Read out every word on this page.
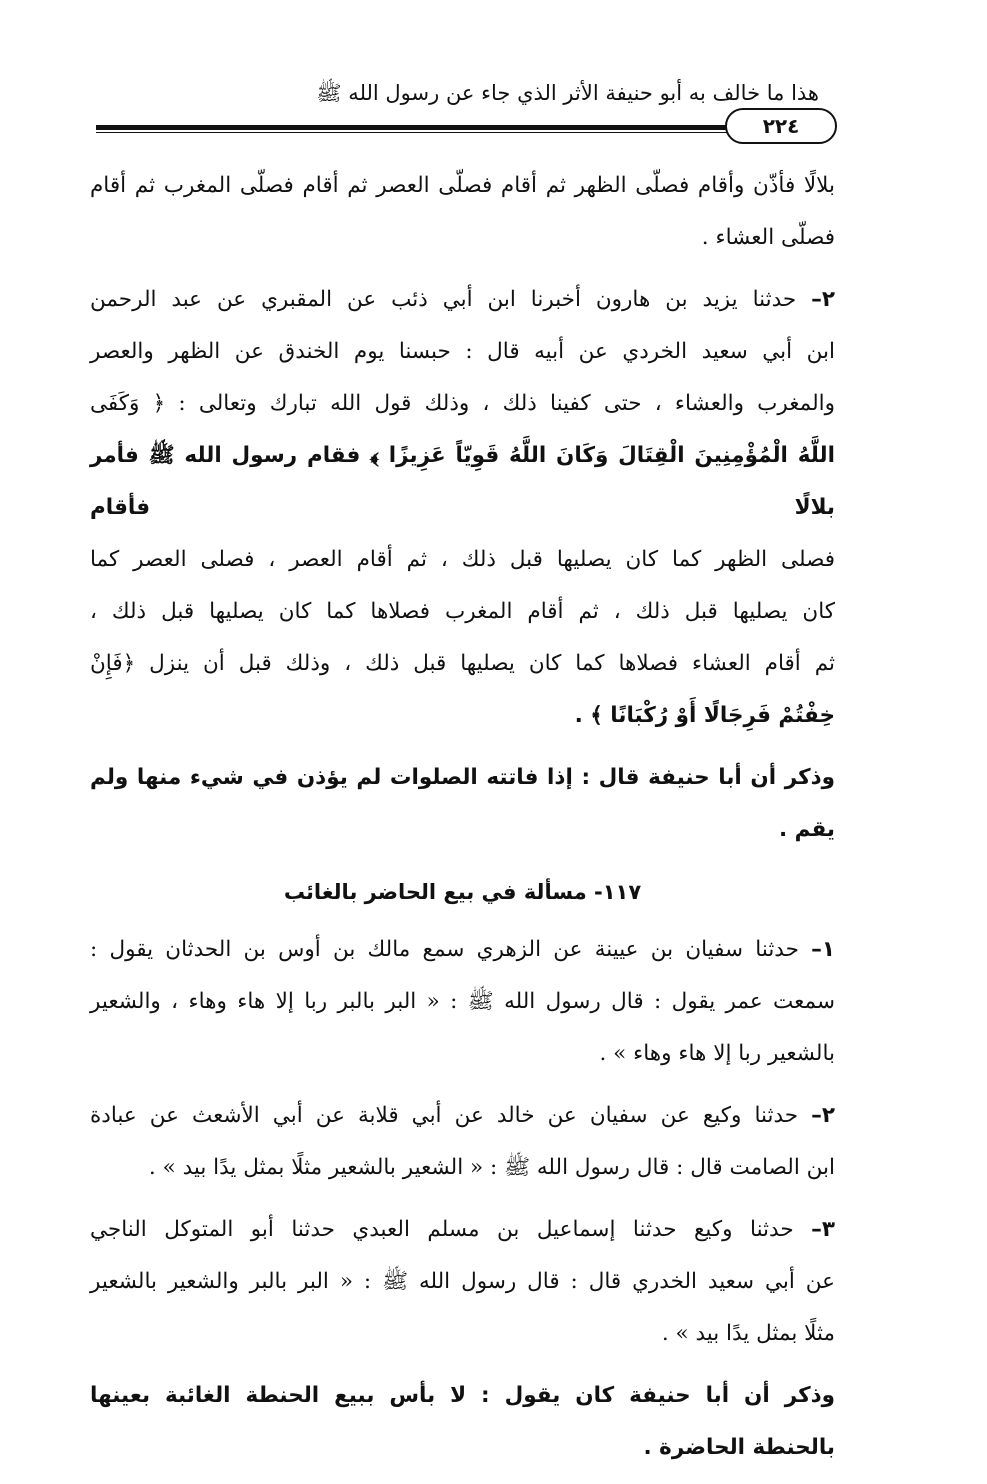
هذا ما خالف به أبو حنيفة الأثر الذي جاء عن رسول الله ﷺ
٢٢٤
بلالًا فأذّن وأقام فصلّى الظهر ثم أقام فصلّى العصر ثم أقام فصلّى المغرب ثم أقام
فصلّى العشاء .
٢– حدثنا يزيد بن هارون أخبرنا ابن أبي ذئب عن المقبري عن عبد الرحمن
ابن أبي سعيد الخردي عن أبيه قال : حبسنا يوم الخندق عن الظهر والعصر
والمغرب والعشاء ، حتى كفينا ذلك ، وذلك قول الله تبارك وتعالى : ﴿ وَكَفَى
اللَّهُ الْمُؤْمِنِينَ الْقِتَالَ وَكَانَ اللَّهُ قَوِيّاً عَزِيزًا ﴾ فقام رسول الله ﷺ فأمر بلالًا فأقام
فصلى الظهر كما كان يصليها قبل ذلك ، ثم أقام العصر ، فصلى العصر كما
كان يصليها قبل ذلك ، ثم أقام المغرب فصلاها كما كان يصليها قبل ذلك ،
ثم أقام العشاء فصلاها كما كان يصليها قبل ذلك ، وذلك قبل أن ينزل ﴿فَإِنْ
خِفْتُمْ فَرِجَالًا أَوْ رُكْبَانًا ﴾ .
وذكر أن أبا حنيفة قال : إذا فاتته الصلوات لم يؤذن في شيء منها ولم يقم .
١١٧- مسألة في بيع الحاضر بالغائب
١– حدثنا سفيان بن عيينة عن الزهري سمع مالك بن أوس بن الحدثان يقول :
سمعت عمر يقول : قال رسول الله ﷺ : « البر بالبر ربا إلا هاء وهاء ، والشعير
بالشعير ربا إلا هاء وهاء » .
٢– حدثنا وكيع عن سفيان عن خالد عن أبي قلابة عن أبي الأشعث عن عبادة
ابن الصامت قال : قال رسول الله ﷺ : « الشعير بالشعير مثلًا بمثل يدًا بيد » .
٣– حدثنا وكيع حدثنا إسماعيل بن مسلم العبدي حدثنا أبو المتوكل الناجي
عن أبي سعيد الخدري قال : قال رسول الله ﷺ : « البر بالبر والشعير بالشعير
مثلًا بمثل يدًا بيد » .
وذكر أن أبا حنيفة كان يقول : لا بأس ببيع الحنطة الغائبة بعينها
بالحنطة الحاضرة .
